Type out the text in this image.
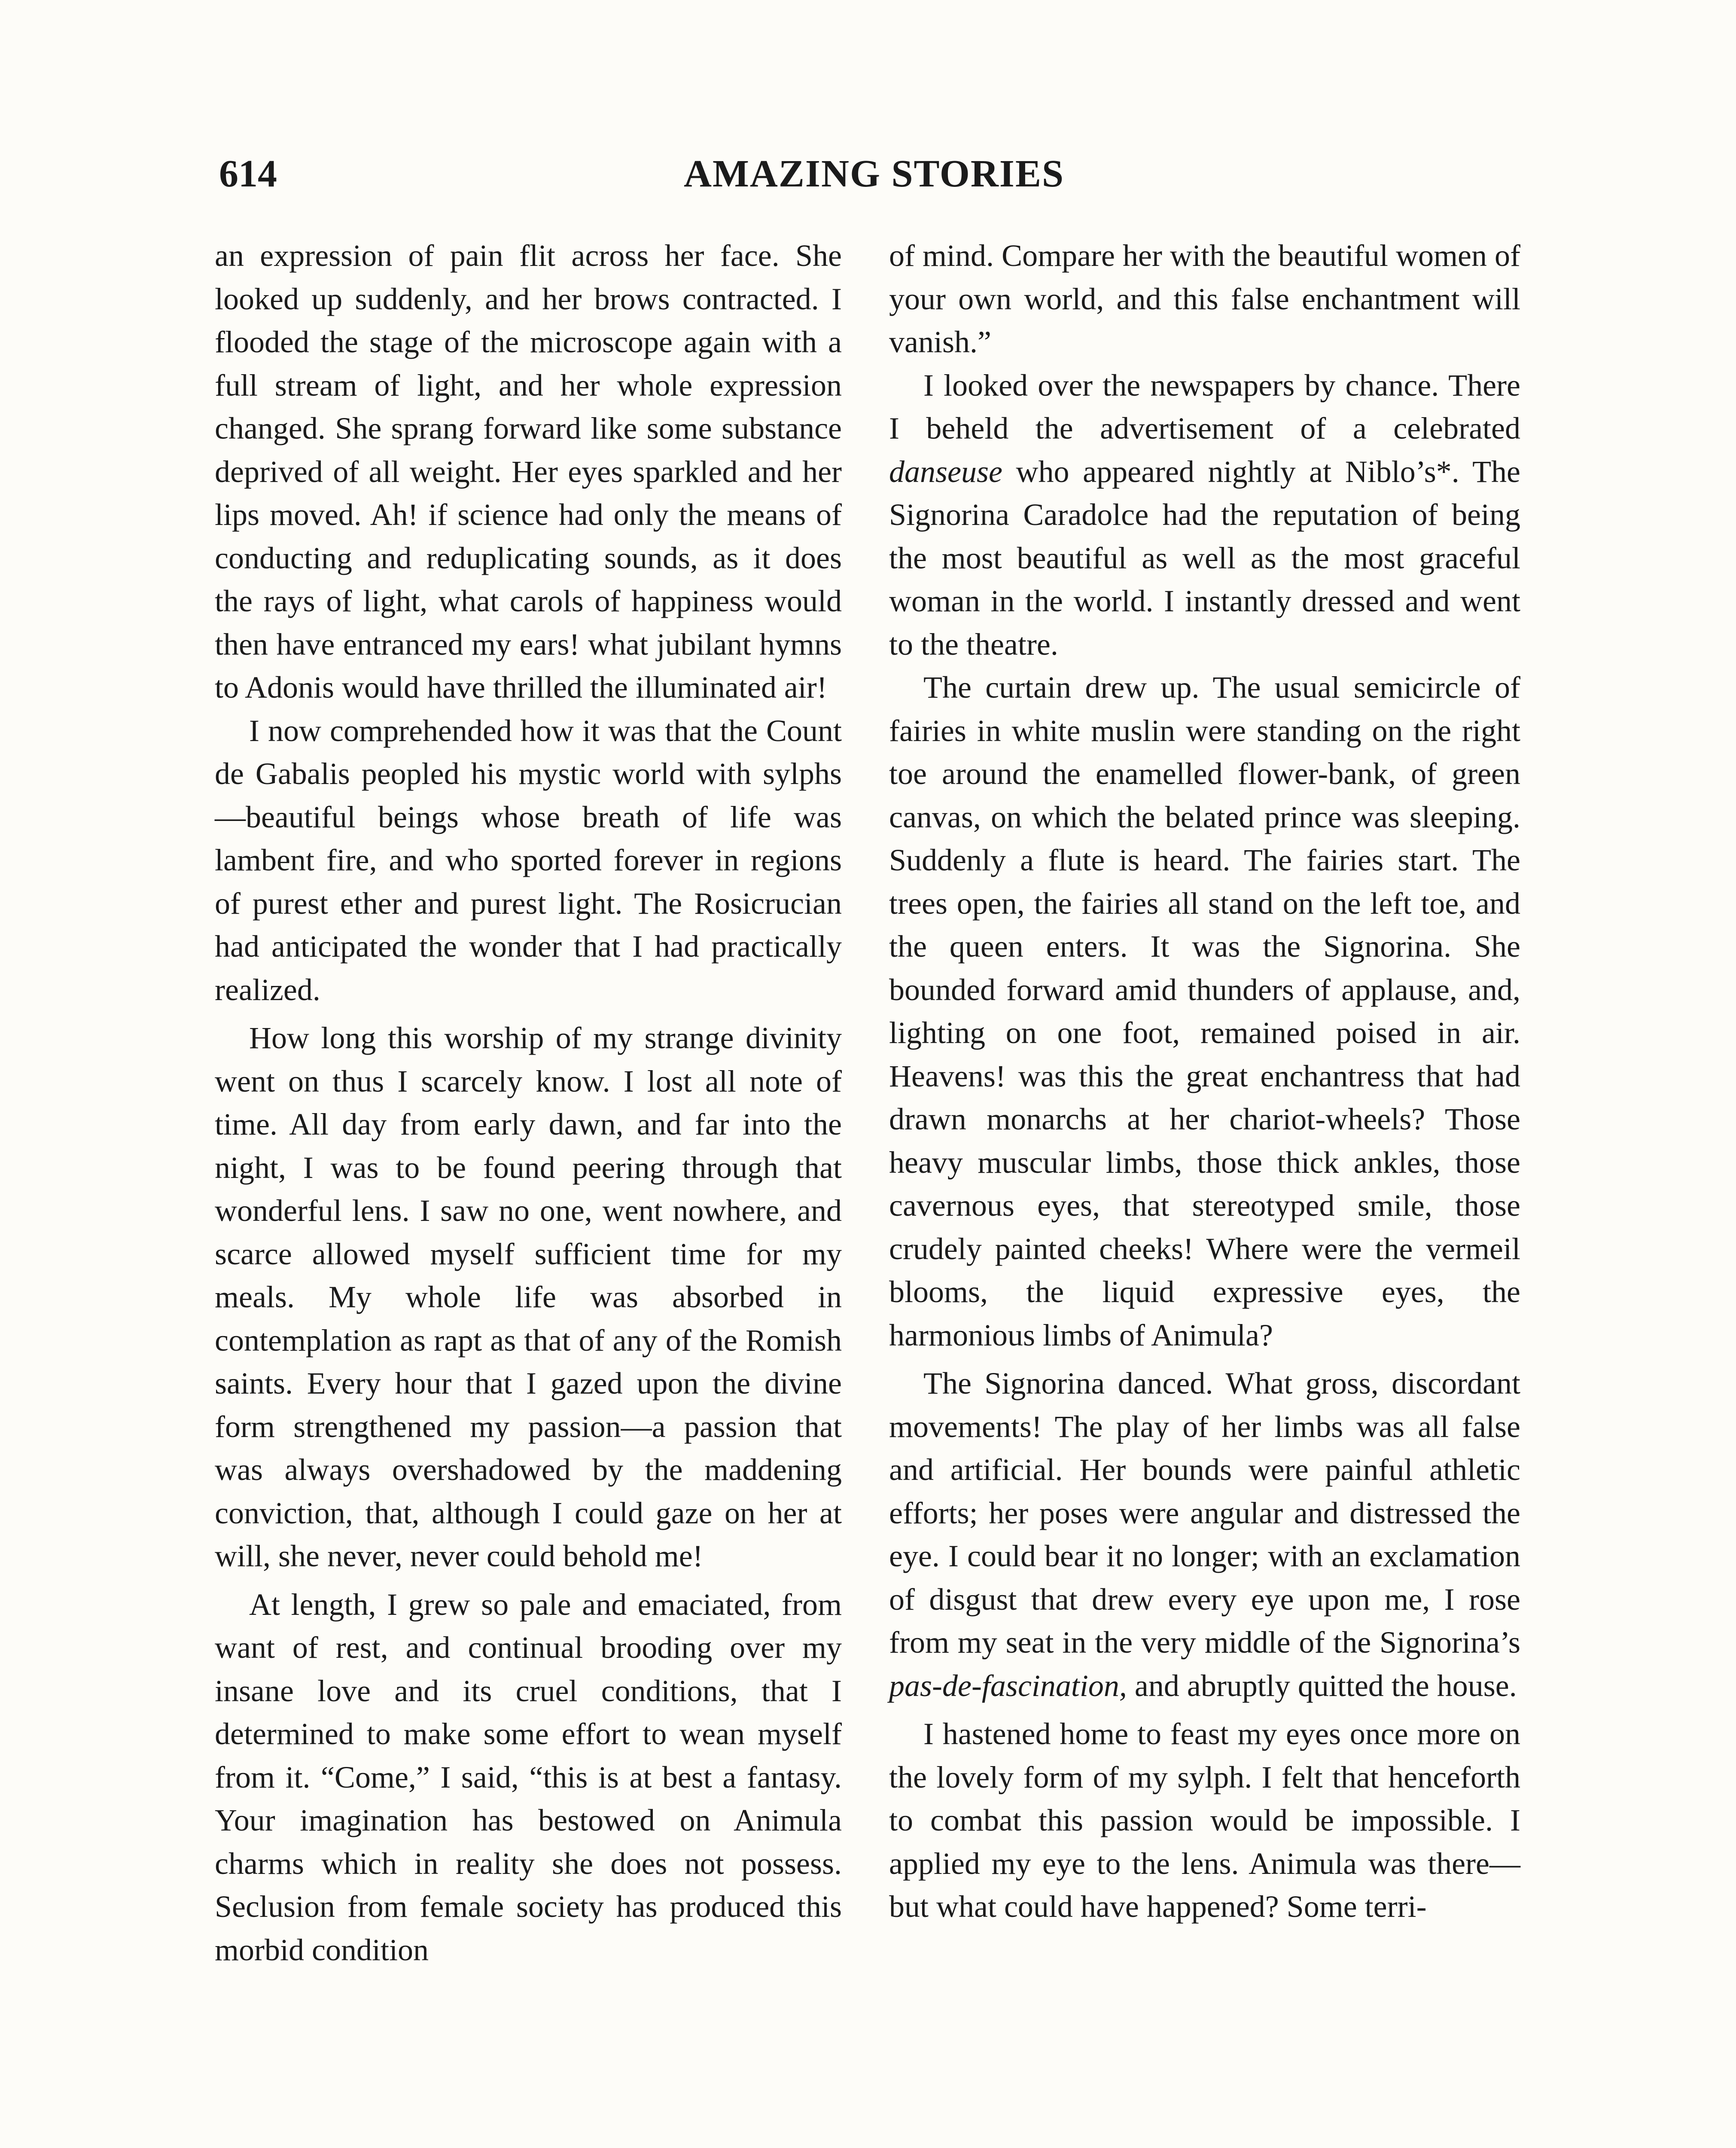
614	AMAZING STORIES

an expression of pain flit across her face. She looked up suddenly, and her brows contracted. I flooded the stage of the microscope again with a full stream of light, and her whole expression changed. She sprang forward like some substance deprived of all weight. Her eyes sparkled and her lips moved. Ah! if science had only the means of conducting and reduplicating sounds, as it does the rays of light, what carols of happiness would then have entranced my ears! what jubilant hymns to Adonis would have thrilled the illuminated air!

I now comprehended how it was that the Count de Gabalis peopled his mystic world with sylphs—beautiful beings whose breath of life was lambent fire, and who sported forever in regions of purest ether and purest light. The Rosicrucian had anticipated the wonder that I had practically realized.

How long this worship of my strange divinity went on thus I scarcely know. I lost all note of time. All day from early dawn, and far into the night, I was to be found peering through that wonderful lens. I saw no one, went nowhere, and scarce allowed myself sufficient time for my meals. My whole life was absorbed in contemplation as rapt as that of any of the Romish saints. Every hour that I gazed upon the divine form strengthened my passion—a passion that was always overshadowed by the maddening conviction, that, although I could gaze on her at will, she never, never could behold me!

At length, I grew so pale and emaciated, from want of rest, and continual brooding over my insane love and its cruel conditions, that I determined to make some effort to wean myself from it. “Come,” I said, “this is at best a fantasy. Your imagination has bestowed on Animula charms which in reality she does not possess. Seclusion from female society has produced this morbid condition

of mind. Compare her with the beautiful women of your own world, and this false enchantment will vanish.”

I looked over the newspapers by chance. There I beheld the advertisement of a celebrated danseuse who appeared nightly at Niblo’s*. The Signorina Caradolce had the reputation of being the most beautiful as well as the most graceful woman in the world. I instantly dressed and went to the theatre.

The curtain drew up. The usual semicircle of fairies in white muslin were standing on the right toe around the enamelled flower-bank, of green canvas, on which the belated prince was sleeping. Suddenly a flute is heard. The fairies start. The trees open, the fairies all stand on the left toe, and the queen enters. It was the Signorina. She bounded forward amid thunders of applause, and, lighting on one foot, remained poised in air. Heavens! was this the great enchantress that had drawn monarchs at her chariot-wheels? Those heavy muscular limbs, those thick ankles, those cavernous eyes, that stereotyped smile, those crudely painted cheeks! Where were the vermeil blooms, the liquid expressive eyes, the harmonious limbs of Animula?

The Signorina danced. What gross, discordant movements! The play of her limbs was all false and artificial. Her bounds were painful athletic efforts; her poses were angular and distressed the eye. I could bear it no longer; with an exclamation of disgust that drew every eye upon me, I rose from my seat in the very middle of the Signorina’s pas-de-fascination, and abruptly quitted the house.

I hastened home to feast my eyes once more on the lovely form of my sylph. I felt that henceforth to combat this passion would be impossible. I applied my eye to the lens. Animula was there—but what could have happened? Some terri-
